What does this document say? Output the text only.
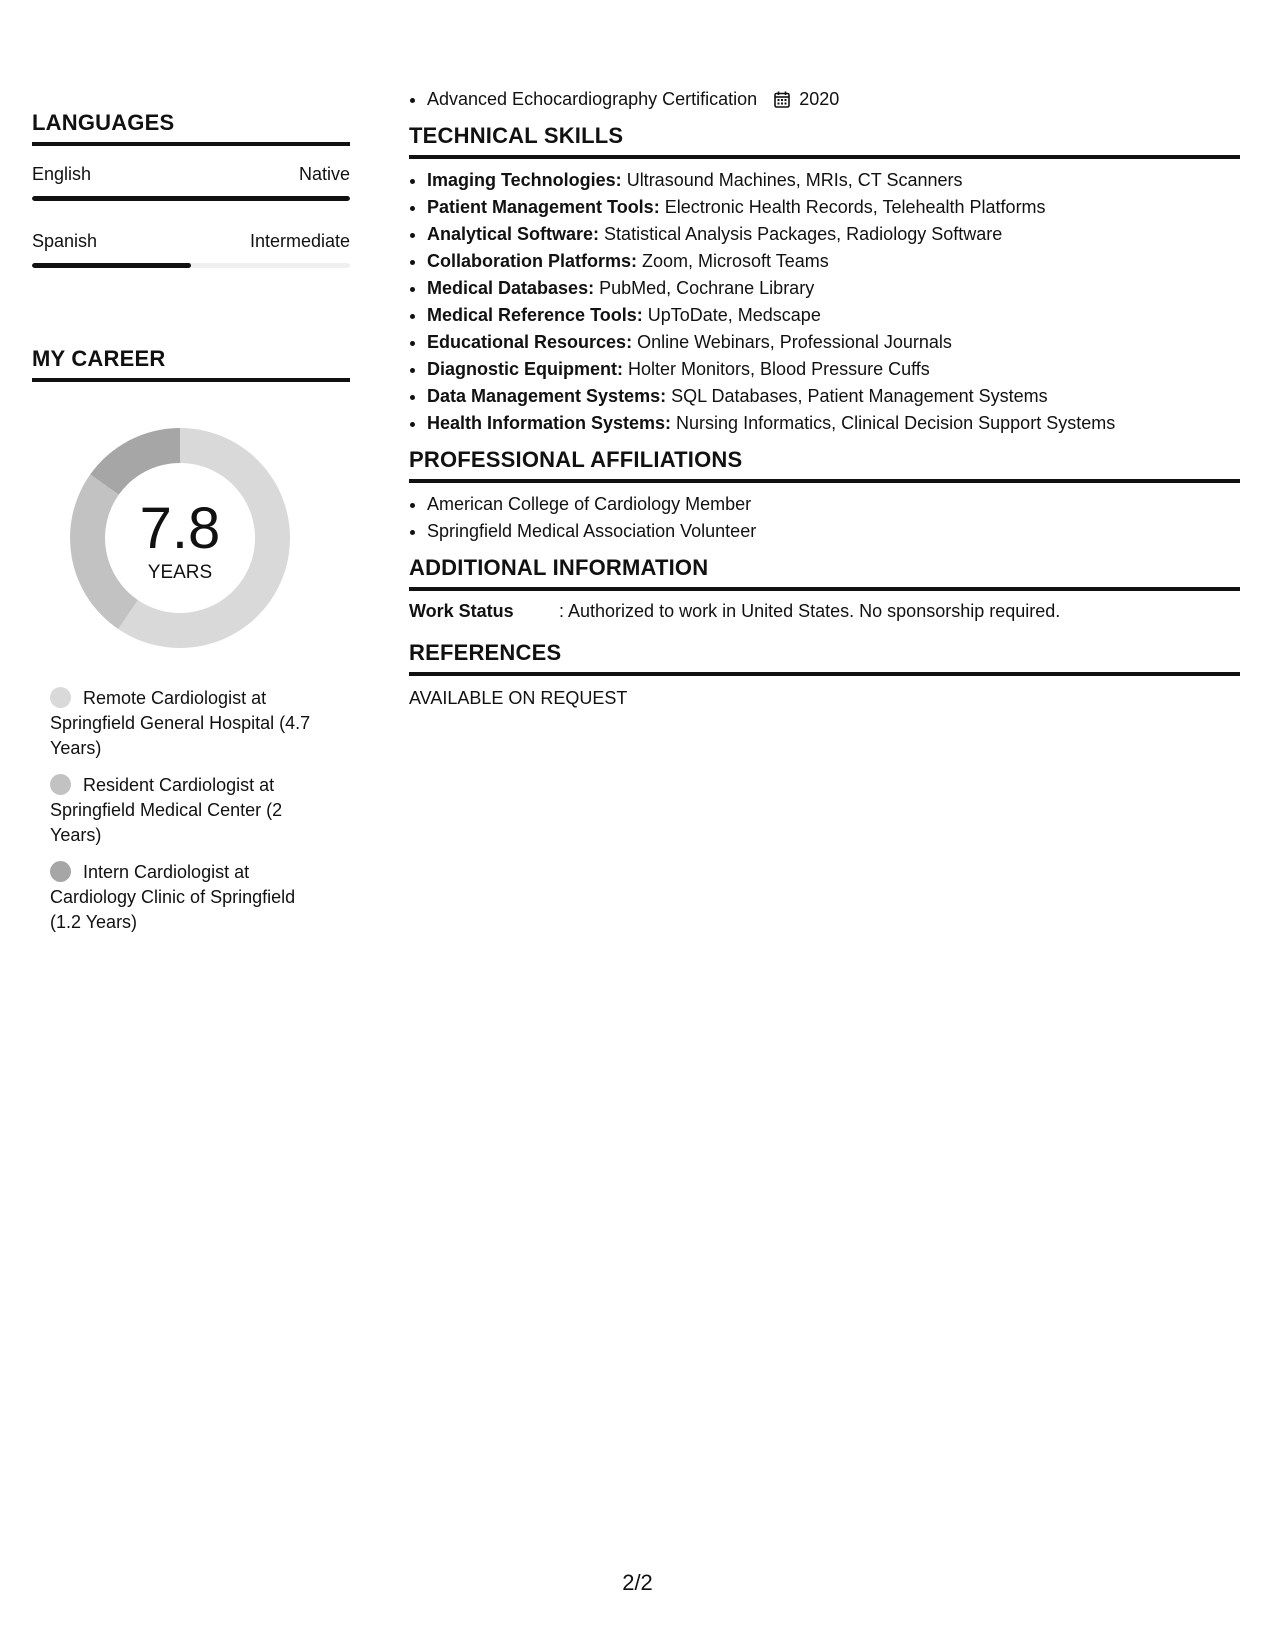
LANGUAGES
English	Native
Spanish	Intermediate
MY CAREER
7.8
YEARS
Remote Cardiologist at Springfield General Hospital (4.7 Years)
Resident Cardiologist at Springfield Medical Center (2 Years)
Intern Cardiologist at Cardiology Clinic of Springfield (1.2 Years)
• Advanced Echocardiography Certification 2020
TECHNICAL SKILLS
• Imaging Technologies: Ultrasound Machines, MRIs, CT Scanners
• Patient Management Tools: Electronic Health Records, Telehealth Platforms
• Analytical Software: Statistical Analysis Packages, Radiology Software
• Collaboration Platforms: Zoom, Microsoft Teams
• Medical Databases: PubMed, Cochrane Library
• Medical Reference Tools: UpToDate, Medscape
• Educational Resources: Online Webinars, Professional Journals
• Diagnostic Equipment: Holter Monitors, Blood Pressure Cuffs
• Data Management Systems: SQL Databases, Patient Management Systems
• Health Information Systems: Nursing Informatics, Clinical Decision Support Systems
PROFESSIONAL AFFILIATIONS
• American College of Cardiology Member
• Springfield Medical Association Volunteer
ADDITIONAL INFORMATION
Work Status	: Authorized to work in United States. No sponsorship required.
REFERENCES
AVAILABLE ON REQUEST
2/2
